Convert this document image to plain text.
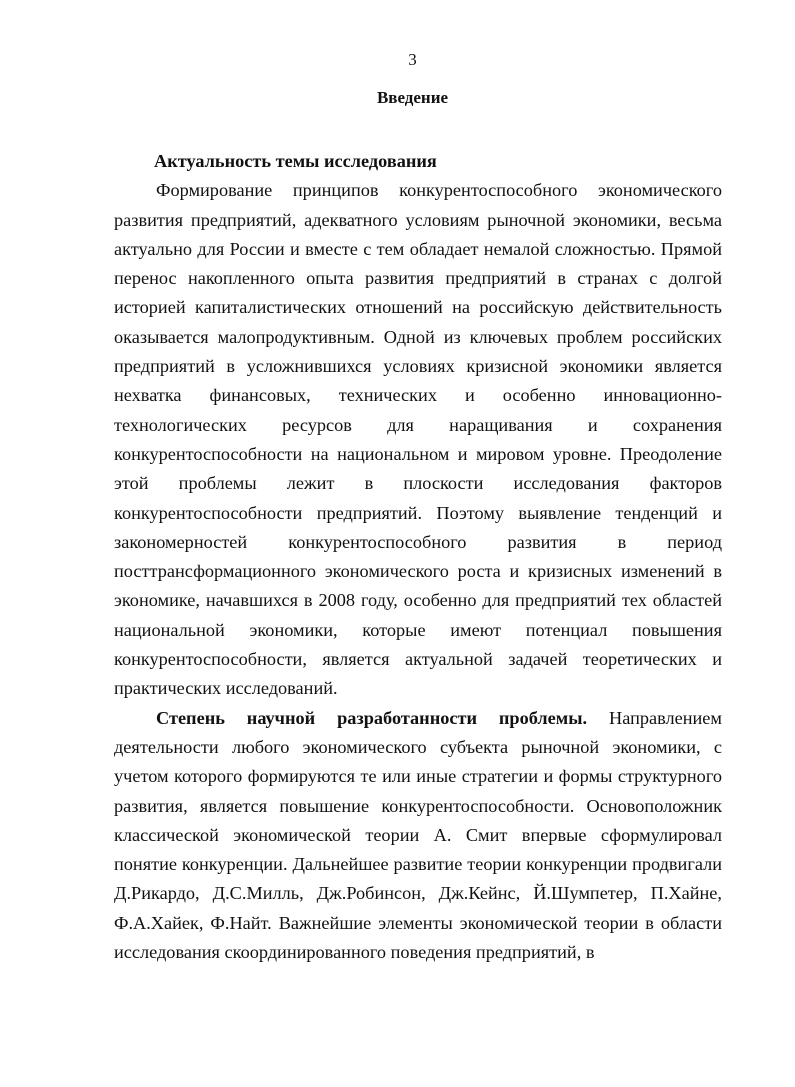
3
Введение

Актуальность темы исследования

Формирование принципов конкурентоспособного экономического развития предприятий, адекватного условиям рыночной экономики, весьма актуально для России и вместе с тем обладает немалой сложностью. Прямой перенос накопленного опыта развития предприятий в странах с долгой историей капиталистических отношений на российскую действительность оказывается малопродуктивным. Одной из ключевых проблем российских предприятий в усложнившихся условиях кризисной экономики является нехватка финансовых, технических и особенно инновационно-технологических ресурсов для наращивания и сохранения конкурентоспособности на национальном и мировом уровне. Преодоление этой проблемы лежит в плоскости исследования факторов конкурентоспособности предприятий. Поэтому выявление тенденций и закономерностей конкурентоспособного развития в период посттрансформационного экономического роста и кризисных изменений в экономике, начавшихся в 2008 году, особенно для предприятий тех областей национальной экономики, которые имеют потенциал повышения конкурентоспособности, является актуальной задачей теоретических и практических исследований.

Степень научной разработанности проблемы. Направлением деятельности любого экономического субъекта рыночной экономики, с учетом которого формируются те или иные стратегии и формы структурного развития, является повышение конкурентоспособности. Основоположник классической экономической теории А. Смит впервые сформулировал понятие конкуренции. Дальнейшее развитие теории конкуренции продвигали Д.Рикардо, Д.С.Милль, Дж.Робинсон, Дж.Кейнс, Й.Шумпетер, П.Хайне, Ф.А.Хайек, Ф.Найт. Важнейшие элементы экономической теории в области исследования скоординированного поведения предприятий, в
